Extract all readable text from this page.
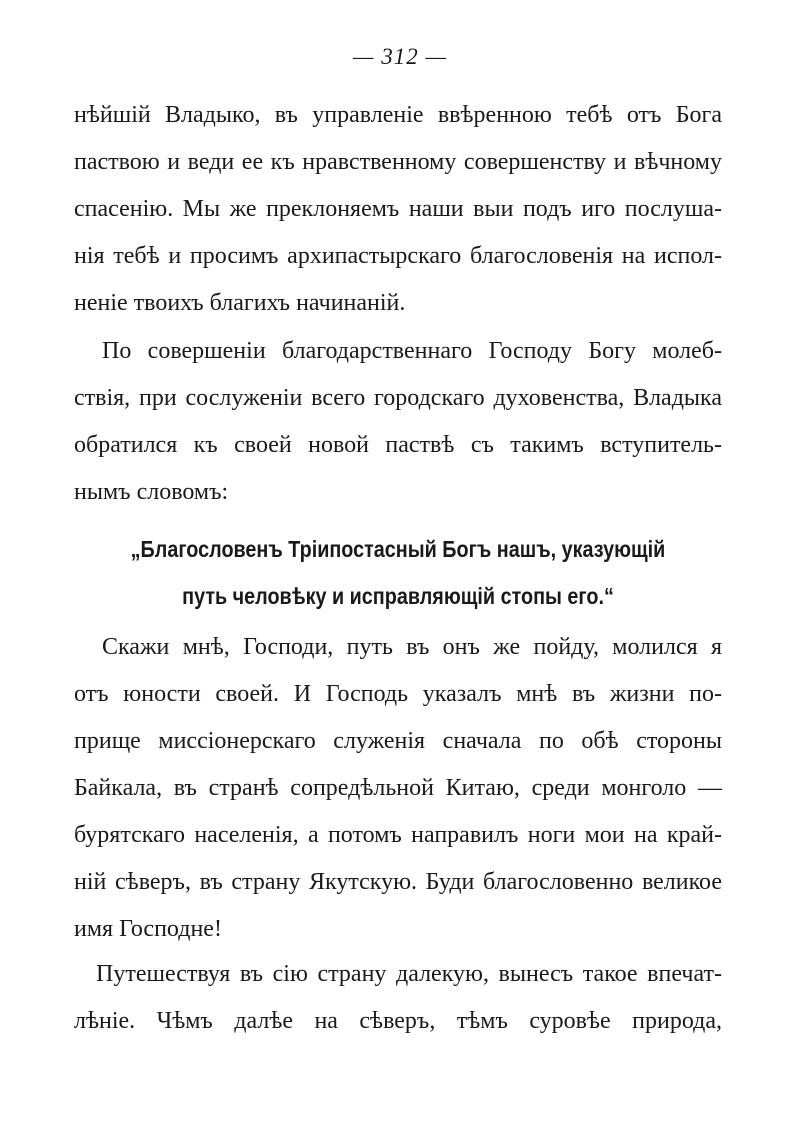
— 312 —
нѣйшій Владыко, въ управленіе ввѣренною тебѣ отъ Бога
паствою и веди ее къ нравственному совершенству и вѣчному
спасенію. Мы же преклоняемъ наши выи подъ иго послуша-
нія тебѣ и просимъ архипастырскаго благословенія на испол-
неніе твоихъ благихъ начинаній.
По совершеніи благодарственнаго Господу Богу молеб-
ствія, при сослуженіи всего городскаго духовенства, Владыка
обратился къ своей новой паствѣ съ такимъ вступитель-
нымъ словомъ:
„Благословенъ Тріипостасный Богъ нашъ, указующій
путь человѣку и исправляющій стопы его.“
Скажи мнѣ, Господи, путь въ онъ же пойду, молился я
отъ юности своей. И Господь указалъ мнѣ въ жизни по-
прище миссіонерскаго служенія сначала по обѣ стороны
Байкала, въ странѣ сопредѣльной Китаю, среди монголо —
бурятскаго населенія, а потомъ направилъ ноги мои на край-
ній сѣверъ, въ страну Якутскую. Буди благословенно великое
имя Господне!
Путешествуя въ сію страну далекую, вынесъ такое впечат-
лѣніе. Чѣмъ далѣе на сѣверъ, тѣмъ суровѣе природа,
